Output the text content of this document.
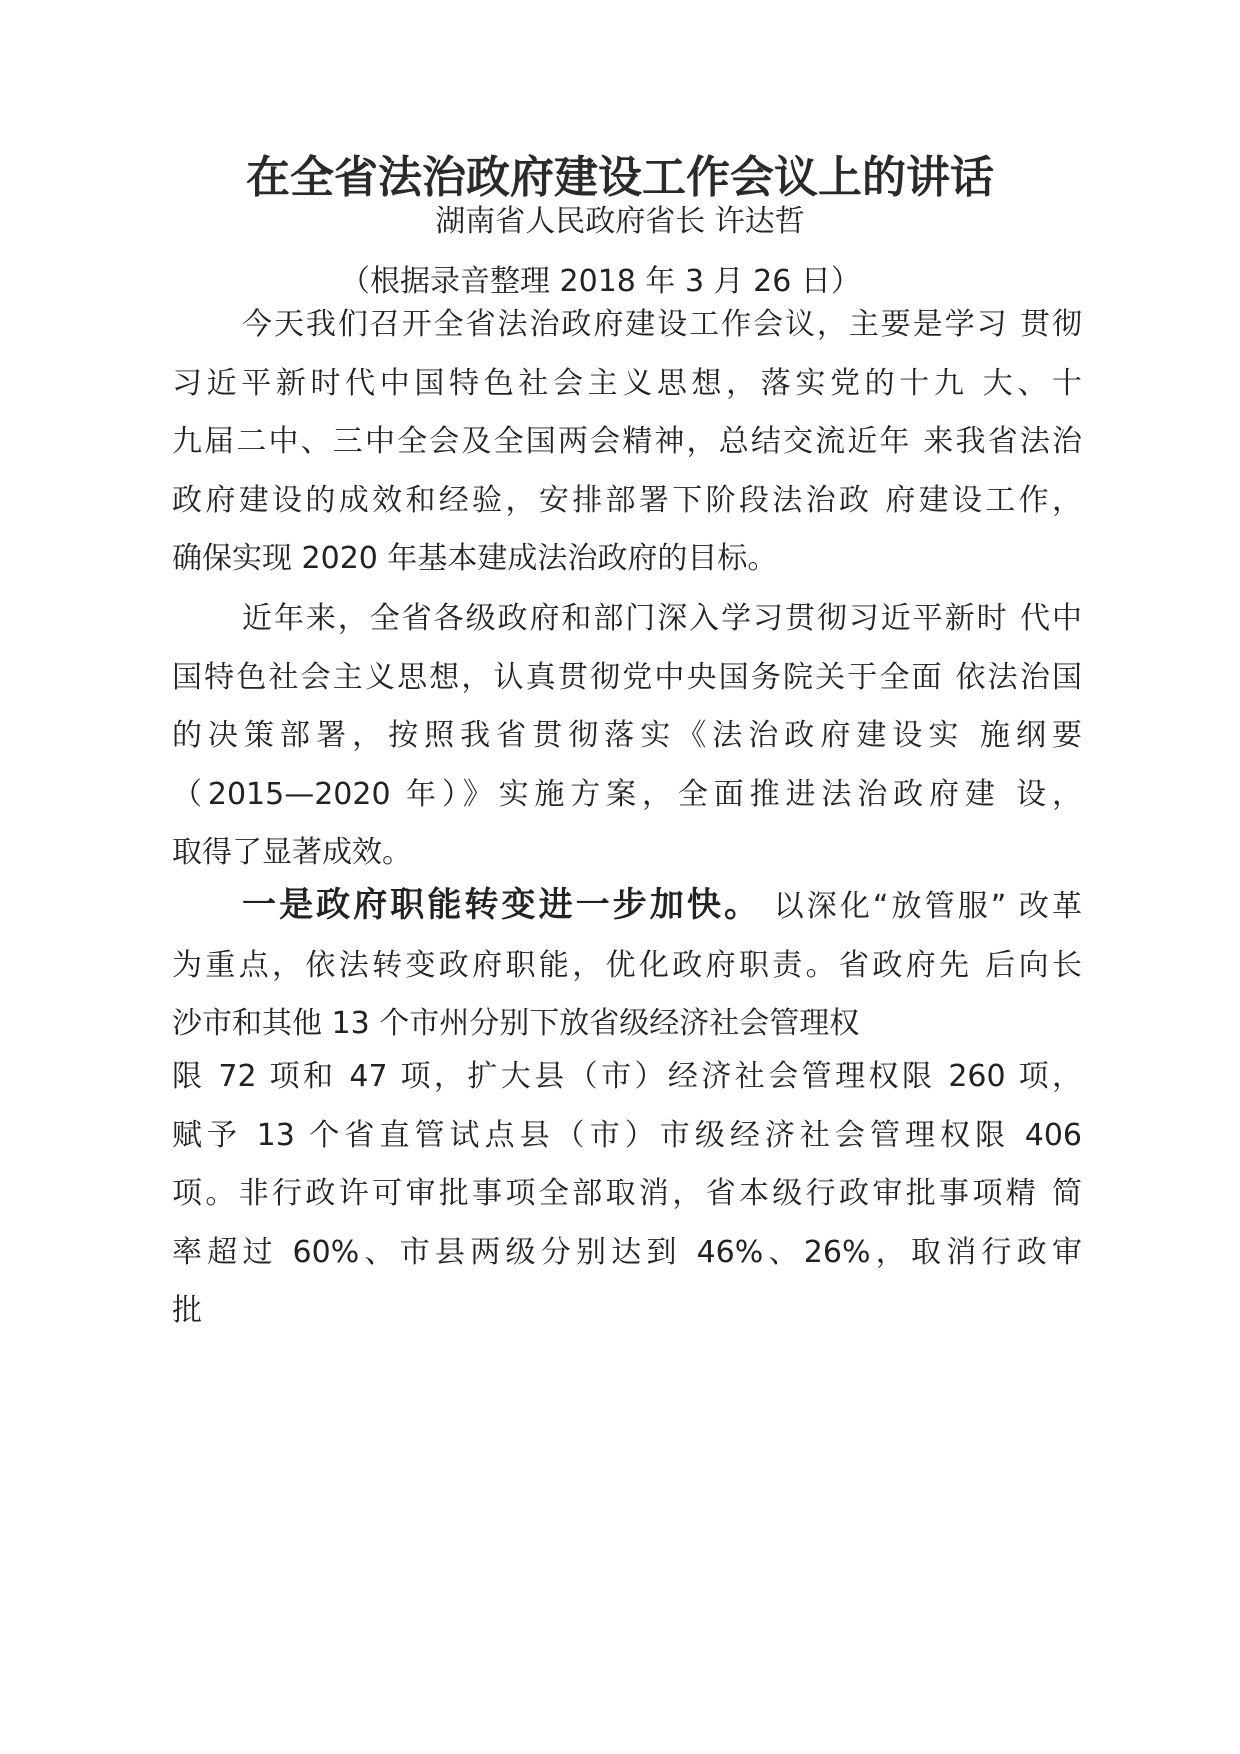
在全省法治政府建设工作会议上的讲话
湖南省人民政府省长 许达哲
（根据录音整理 2018 年 3 月 26 日）
今天我们召开全省法治政府建设工作会议，主要是学习 贯彻
习近平新时代中国特色社会主义思想，落实党的十九 大、十
九届二中、三中全会及全国两会精神，总结交流近年 来我省法治
政府建设的成效和经验，安排部署下阶段法治政 府建设工作，
确保实现 2020 年基本建成法治政府的目标。
近年来，全省各级政府和部门深入学习贯彻习近平新时 代中
国特色社会主义思想，认真贯彻党中央国务院关于全面 依法治国
的决策部署，按照我省贯彻落实《法治政府建设实 施纲要
（2015—2020 年）》实施方案，全面推进法治政府建 设，
取得了显著成效。
一是政府职能转变进一步加快。 以深化“放管服” 改革
为重点，依法转变政府职能，优化政府职责。省政府先 后向长
沙市和其他 13 个市州分别下放省级经济社会管理权
限 72 项和 47 项，扩大县（市）经济社会管理权限 260 项，
赋予 13 个省直管试点县（市）市级经济社会管理权限 406
项。非行政许可审批事项全部取消，省本级行政审批事项精 简
率超过 60%、市县两级分别达到 46%、26%，取消行政审
批
